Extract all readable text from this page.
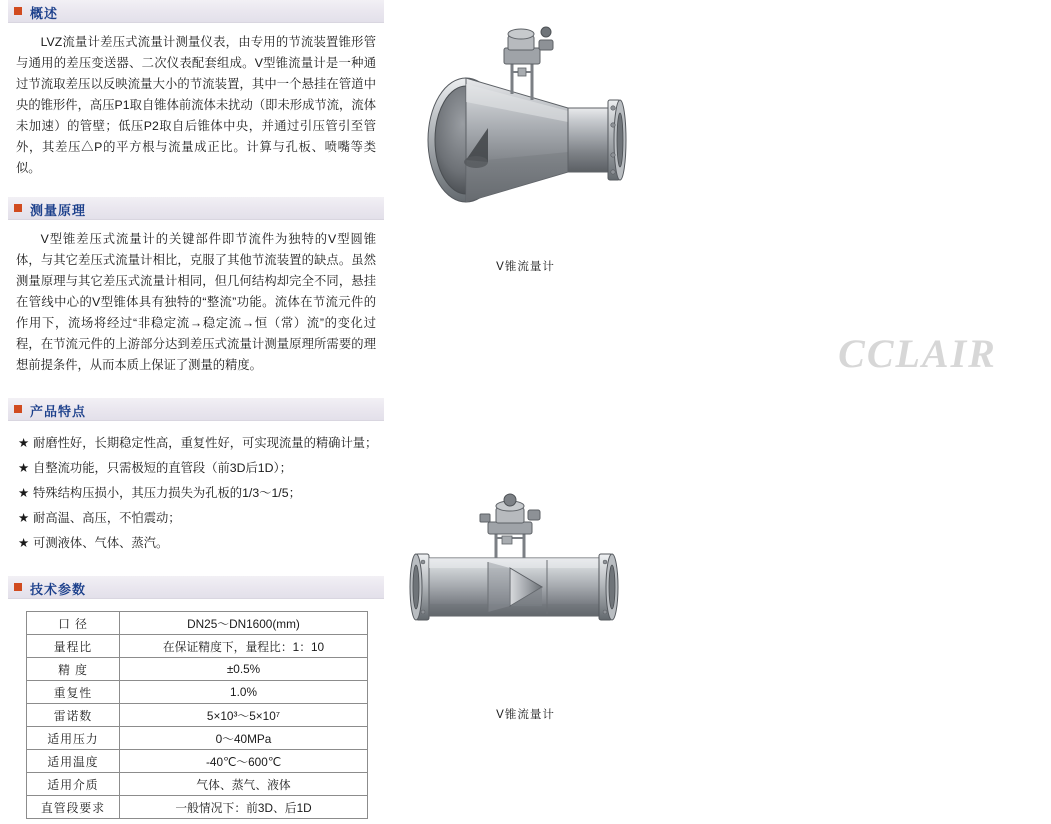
概述

LVZ流量计差压式流量计测量仪表，由专用的节流装置锥形管与通用的差压变送器、二次仪表配套组成。V型锥流量计是一种通过节流取差压以反映流量大小的节流装置，其中一个悬挂在管道中央的锥形件，高压P1取自锥体前流体未扰动（即未形成节流，流体未加速）的管壁；低压P2取自后锥体中央，并通过引压管引至管外，其差压△P的平方根与流量成正比。计算与孔板、喷嘴等类似。

测量原理

V型锥差压式流量计的关键部件即节流件为独特的V型圆锥体，与其它差压式流量计相比，克服了其他节流装置的缺点。虽然测量原理与其它差压式流量计相同，但几何结构却完全不同，悬挂在管线中心的V型锥体具有独特的“整流”功能。流体在节流元件的作用下，流场将经过“非稳定流→稳定流→恒（常）流”的变化过程，在节流元件的上游部分达到差压式流量计测量原理所需要的理想前提条件，从而本质上保证了测量的精度。

产品特点
★ 耐磨性好，长期稳定性高，重复性好，可实现流量的精确计量；
★ 自整流功能，只需极短的直管段（前3D后1D）；
★ 特殊结构压损小，其压力损失为孔板的1/3～1/5；
★ 耐高温、高压，不怕震动；
★ 可测液体、气体、蒸汽。
技术参数
口 径	DN25～DN1600(mm)
量程比	在保证精度下，量程比：1：10
精 度	±0.5%
重复性	1.0%
雷诺数	5×10³～5×10⁷
适用压力	0～40MPa
适用温度	-40℃～600℃
适用介质	气体、蒸气、液体
直管段要求	一般情况下：前3D、后1D
V锥流量计
V锥流量计
CCLAIR
